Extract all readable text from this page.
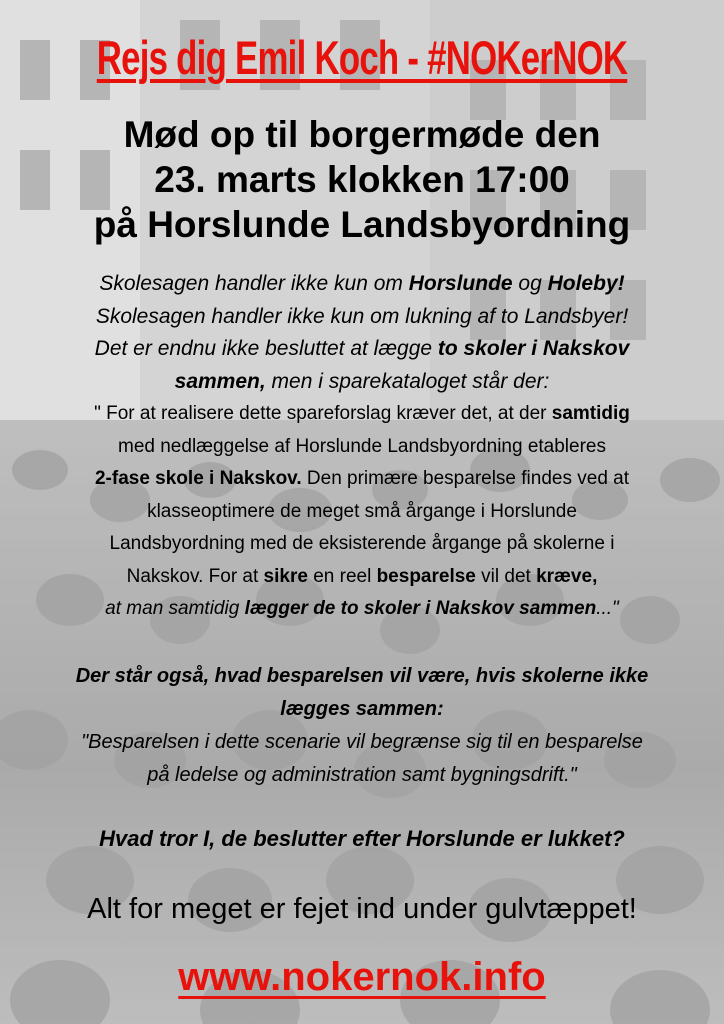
Rejs dig Emil Koch - #NOKerNOK
Mød op til borgermøde den
23. marts klokken 17:00
på Horslunde Landsbyordning
Skolesagen handler ikke kun om Horslunde og Holeby!
Skolesagen handler ikke kun om lukning af to Landsbyer!
Det er endnu ikke besluttet at lægge to skoler i Nakskov
sammen, men i sparekataloget står der:
" For at realisere dette spareforslag kræver det, at der samtidig
med nedlæggelse af Horslunde Landsbyordning etableres
2-fase skole i Nakskov. Den primære besparelse findes ved at
klasseoptimere de meget små årgange i Horslunde
Landsbyordning med de eksisterende årgange på skolerne i
Nakskov. For at sikre en reel besparelse vil det kræve,
at man samtidig lægger de to skoler i Nakskov sammen..."
Der står også, hvad besparelsen vil være, hvis skolerne ikke
lægges sammen:
"Besparelsen i dette scenarie vil begrænse sig til en besparelse
på ledelse og administration samt bygningsdrift."
Hvad tror I, de beslutter efter Horslunde er lukket?
Alt for meget er fejet ind under gulvtæppet!
www.nokernok.info
